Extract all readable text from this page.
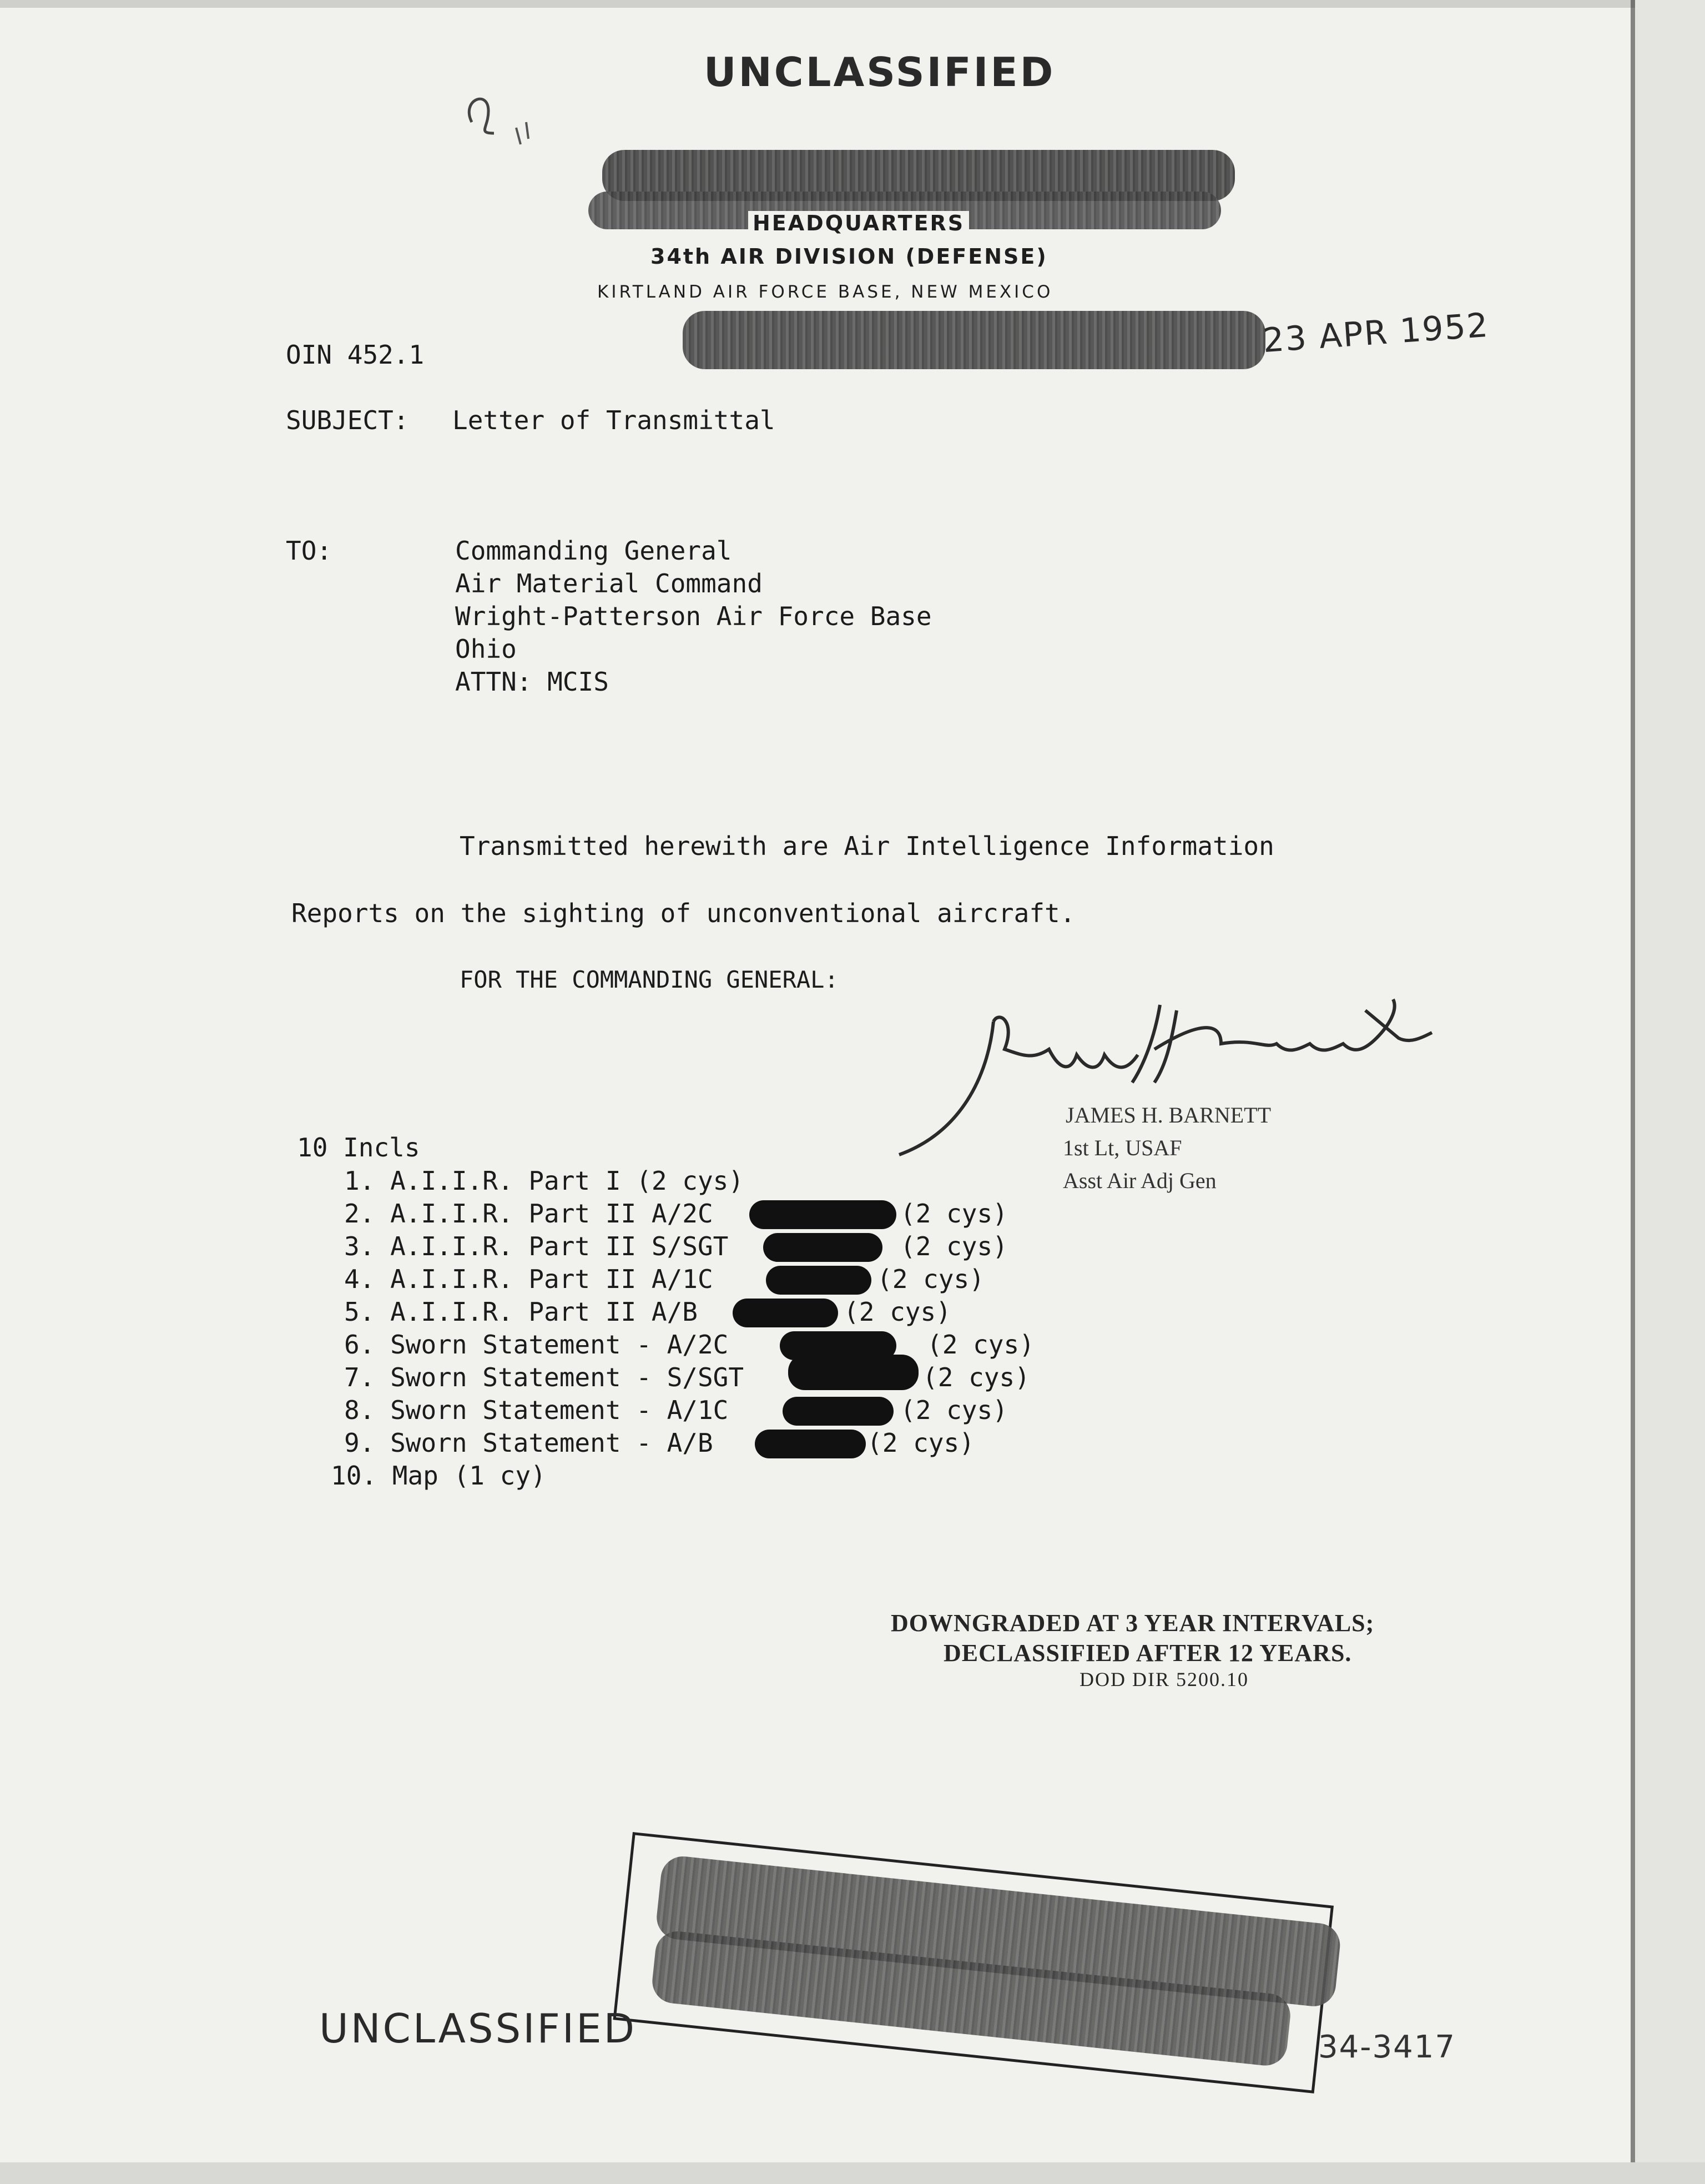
UNCLASSIFIED
HEADQUARTERS
34th AIR DIVISION (DEFENSE)
KIRTLAND AIR FORCE BASE, NEW MEXICO
OIN 452.1	23 APR 1952
SUBJECT: Letter of Transmittal
TO:	Commanding General
Air Material Command
Wright-Patterson Air Force Base
Ohio
ATTN: MCIS
Transmitted herewith are Air Intelligence Information
Reports on the sighting of unconventional aircraft.
FOR THE COMMANDING GENERAL:
JAMES H. BARNETT
1st Lt, USAF
Asst Air Adj Gen
10 Incls
1. A.I.I.R. Part I (2 cys)
2. A.I.I.R. Part II A/2C	(2 cys)
3. A.I.I.R. Part II S/SGT	(2 cys)
4. A.I.I.R. Part II A/1C	(2 cys)
5. A.I.I.R. Part II A/B	(2 cys)
6. Sworn Statement - A/2C	(2 cys)
7. Sworn Statement - S/SGT	(2 cys)
8. Sworn Statement - A/1C	(2 cys)
9. Sworn Statement - A/B	(2 cys)
10. Map (1 cy)
DOWNGRADED AT 3 YEAR INTERVALS;
DECLASSIFIED AFTER 12 YEARS.
DOD DIR 5200.10
UNCLASSIFIED	34-3417
